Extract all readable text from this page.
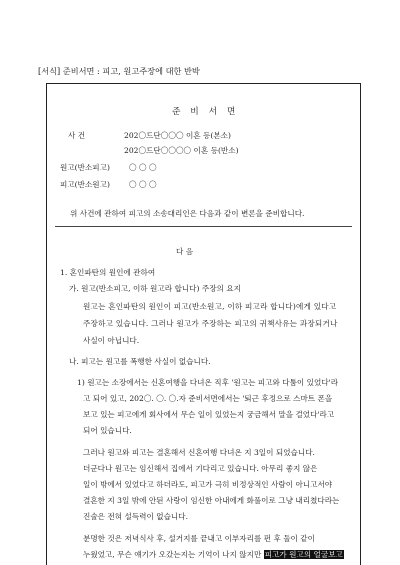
[서식] 준비서면 : 피고, 원고주장에 대한 반박
준 비 서 면
사 건	202〇드단〇〇〇 이혼 등(본소)
202〇드단〇〇〇〇 이혼 등(반소)
원고(반소피고)	〇 〇 〇
피고(반소원고)	〇 〇 〇
위 사건에 관하여 피고의 소송대리인은 다음과 같이 변론을 준비합니다.
다 음
1. 혼인파탄의 원인에 관하여
가. 원고(반소피고, 이하 원고라 합니다) 주장의 요지
원고는 혼인파탄의 원인이 피고(반소원고, 이하 피고라 합니다)에게 있다고
주장하고 있습니다. 그러나 원고가 주장하는 피고의 귀책사유는 과장되거나
사실이 아닙니다.
나. 피고는 원고를 폭행한 사실이 없습니다.
1) 원고는 소장에서는 신혼여행을 다녀온 직후 '원고는 피고와 다툼이 있었다'라
고 되어 있고, 202〇. 〇. 〇.자 준비서면에서는 '퇴근 후정으로 스마트 폰을
보고 있는 피고에게 회사에서 무슨 일이 있었는지 궁금해서 말을 걸었다'라고
되어 있습니다.
그러나 원고와 피고는 결혼해서 신혼여행 다녀온 지 3일이 되었습니다.
더군다나 원고는 임신해서 집에서 기다리고 있습니다. 아무리 좋지 않은
일이 밖에서 있었다고 하더라도, 피고가 극히 비정상적인 사람이 아니고서야
결혼한 지 3일 밖에 안된 사랑이 임신한 아내에게 화풀이로 그냥 내리쳤다라는
진술은 전혀 설득력이 없습니다.
분명한 것은 저녁식사 후, 설거지를 끝내고 이부자리를 펀 후 둘이 같이
누웠었고, 무슨 얘기가 오갔는지는 기억이 나지 않지만 피고가 원고의 얼굴보고
